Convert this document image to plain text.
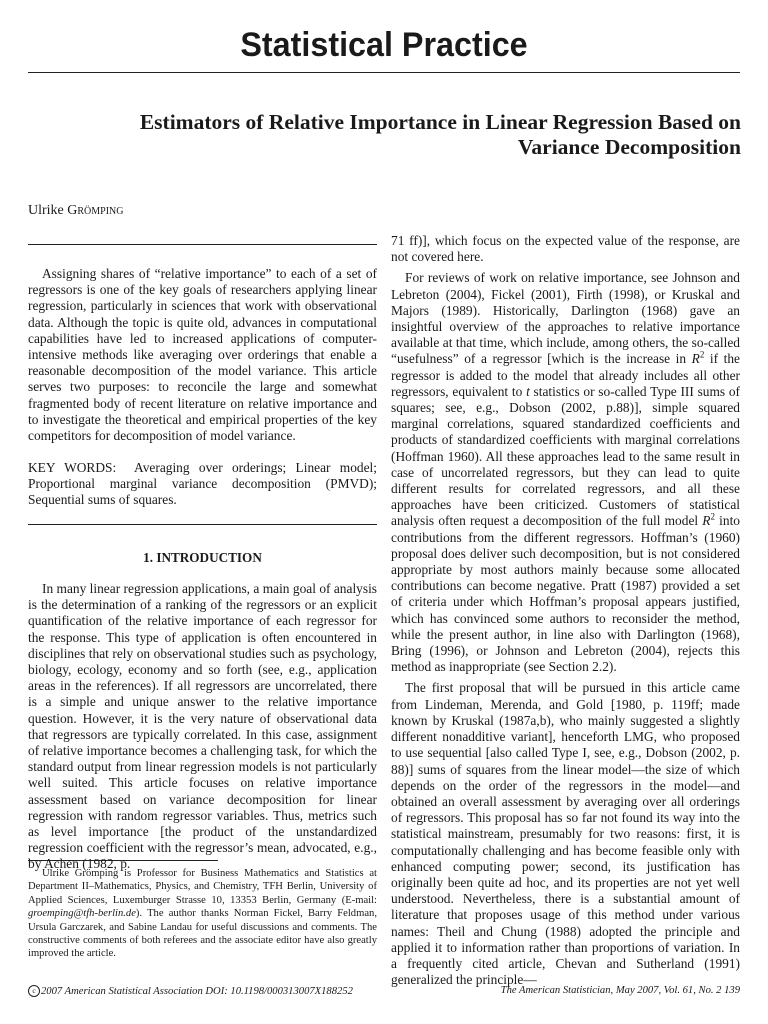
Statistical Practice
Estimators of Relative Importance in Linear Regression Based on
Variance Decomposition
Ulrike Grömping

Assigning shares of “relative importance” to each of a set of regressors is one of the key goals of researchers applying linear regression, particularly in sciences that work with observational data. Although the topic is quite old, advances in computational capabilities have led to increased applications of computer-intensive methods like averaging over orderings that enable a reasonable decomposition of the model variance. This article serves two purposes: to reconcile the large and somewhat fragmented body of recent literature on relative importance and to investigate the theoretical and empirical properties of the key competitors for decomposition of model variance.

KEY WORDS: Averaging over orderings; Linear model; Proportional marginal variance decomposition (PMVD); Sequential sums of squares.
1. INTRODUCTION

In many linear regression applications, a main goal of analysis is the determination of a ranking of the regressors or an explicit quantification of the relative importance of each regressor for the response. This type of application is often encountered in disciplines that rely on observational studies such as psychology, biology, ecology, economy and so forth (see, e.g., application areas in the references). If all regressors are uncorrelated, there is a simple and unique answer to the relative importance question. However, it is the very nature of observational data that regressors are typically correlated. In this case, assignment of relative importance becomes a challenging task, for which the standard output from linear regression models is not particularly well suited. This article focuses on relative importance assessment based on variance decomposition for linear regression with random regressor variables. Thus, metrics such as level importance [the product of the unstandardized regression coefficient with the regressor’s mean, advocated, e.g., by Achen (1982, p.

Ulrike Grömping is Professor for Business Mathematics and Statistics at Department II–Mathematics, Physics, and Chemistry, TFH Berlin, University of Applied Sciences, Luxemburger Strasse 10, 13353 Berlin, Germany (E-mail: groemping@tfh-berlin.de). The author thanks Norman Fickel, Barry Feldman, Ursula Garczarek, and Sabine Landau for useful discussions and comments. The constructive comments of both referees and the associate editor have also greatly improved the article.

71 ff)], which focus on the expected value of the response, are not covered here.

For reviews of work on relative importance, see Johnson and Lebreton (2004), Fickel (2001), Firth (1998), or Kruskal and Majors (1989). Historically, Darlington (1968) gave an insightful overview of the approaches to relative importance available at that time, which include, among others, the so-called “usefulness” of a regressor [which is the increase in $R^2$ if the regressor is added to the model that already includes all other regressors, equivalent to t statistics or so-called Type III sums of squares; see, e.g., Dobson (2002, p.88)], simple squared marginal correlations, squared standardized coefficients and products of standardized coefficients with marginal correlations (Hoffman 1960). All these approaches lead to the same result in case of uncorrelated regressors, but they can lead to quite different results for correlated regressors, and all these approaches have been criticized. Customers of statistical analysis often request a decomposition of the full model $R^2$ into contributions from the different regressors. Hoffman’s (1960) proposal does deliver such decomposition, but is not considered appropriate by most authors mainly because some allocated contributions can become negative. Pratt (1987) provided a set of criteria under which Hoffman’s proposal appears justified, which has convinced some authors to reconsider the method, while the present author, in line also with Darlington (1968), Bring (1996), or Johnson and Lebreton (2004), rejects this method as inappropriate (see Section 2.2).

The first proposal that will be pursued in this article came from Lindeman, Merenda, and Gold [1980, p. 119ff; made known by Kruskal (1987a,b), who mainly suggested a slightly different nonadditive variant], henceforth LMG, who proposed to use sequential [also called Type I, see, e.g., Dobson (2002, p. 88)] sums of squares from the linear model—the size of which depends on the order of the regressors in the model—and obtained an overall assessment by averaging over all orderings of regressors. This proposal has so far not found its way into the statistical mainstream, presumably for two reasons: first, it is computationally challenging and has become feasible only with enhanced computing power; second, its justification has originally been quite ad hoc, and its properties are not yet well understood. Nevertheless, there is a substantial amount of literature that proposes usage of this method under various names: Theil and Chung (1988) adopted the principle and applied it to information rather than proportions of variation. In a frequently cited article, Chevan and Sutherland (1991) generalized the principle—

c 2007 American Statistical Association DOI: 10.1198/000313007X188252	The American Statistician, May 2007, Vol. 61, No. 2 139
